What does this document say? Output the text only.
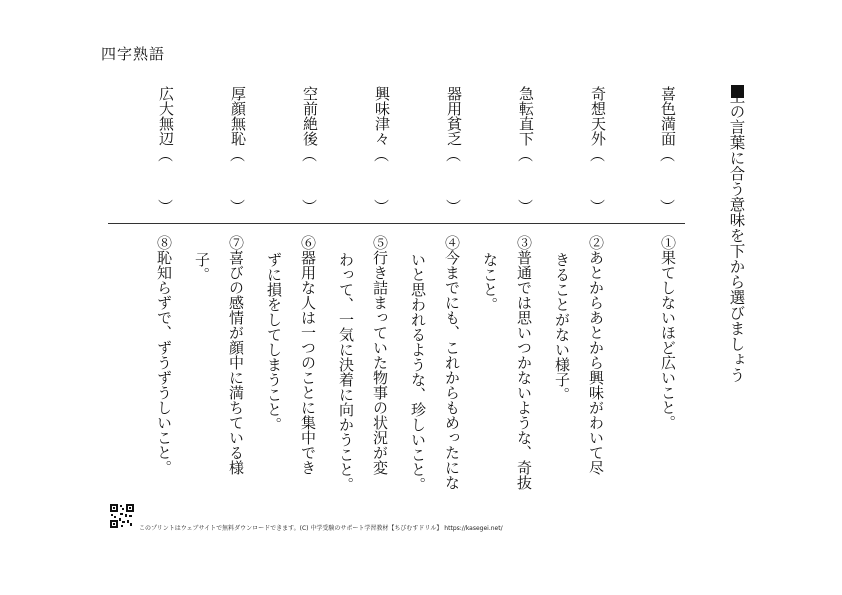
四字熟語
上の言葉に合う意味を下から選びましょう
喜色満面
︵
︶
奇想天外
︵
︶
急転直下
︵
︶
器用貧乏
︵
︶
興味津々
︵
︶
空前絶後
︵
︶
厚顔無恥
︵
︶
広大無辺
︵
︶
①果てしないほど広いこと。
②あとからあとから興味がわいて尽
きることがない様子。
③普通では思いつかないような、奇抜
なこと。
④今までにも、これからもめったにな
いと思われるような、珍しいこと。
⑤行き詰まっていた物事の状況が変
わって、一気に決着に向かうこと。
⑥器用な人は一つのことに集中でき
ずに損をしてしまうこと。
⑦喜びの感情が顔中に満ちている様
子。
⑧恥知らずで、ずうずうしいこと。
このプリントはウェブサイトで無料ダウンロードできます。(C) 中学受験のサポート学習教材【ちびむすドリル】 https://kasegei.net/
